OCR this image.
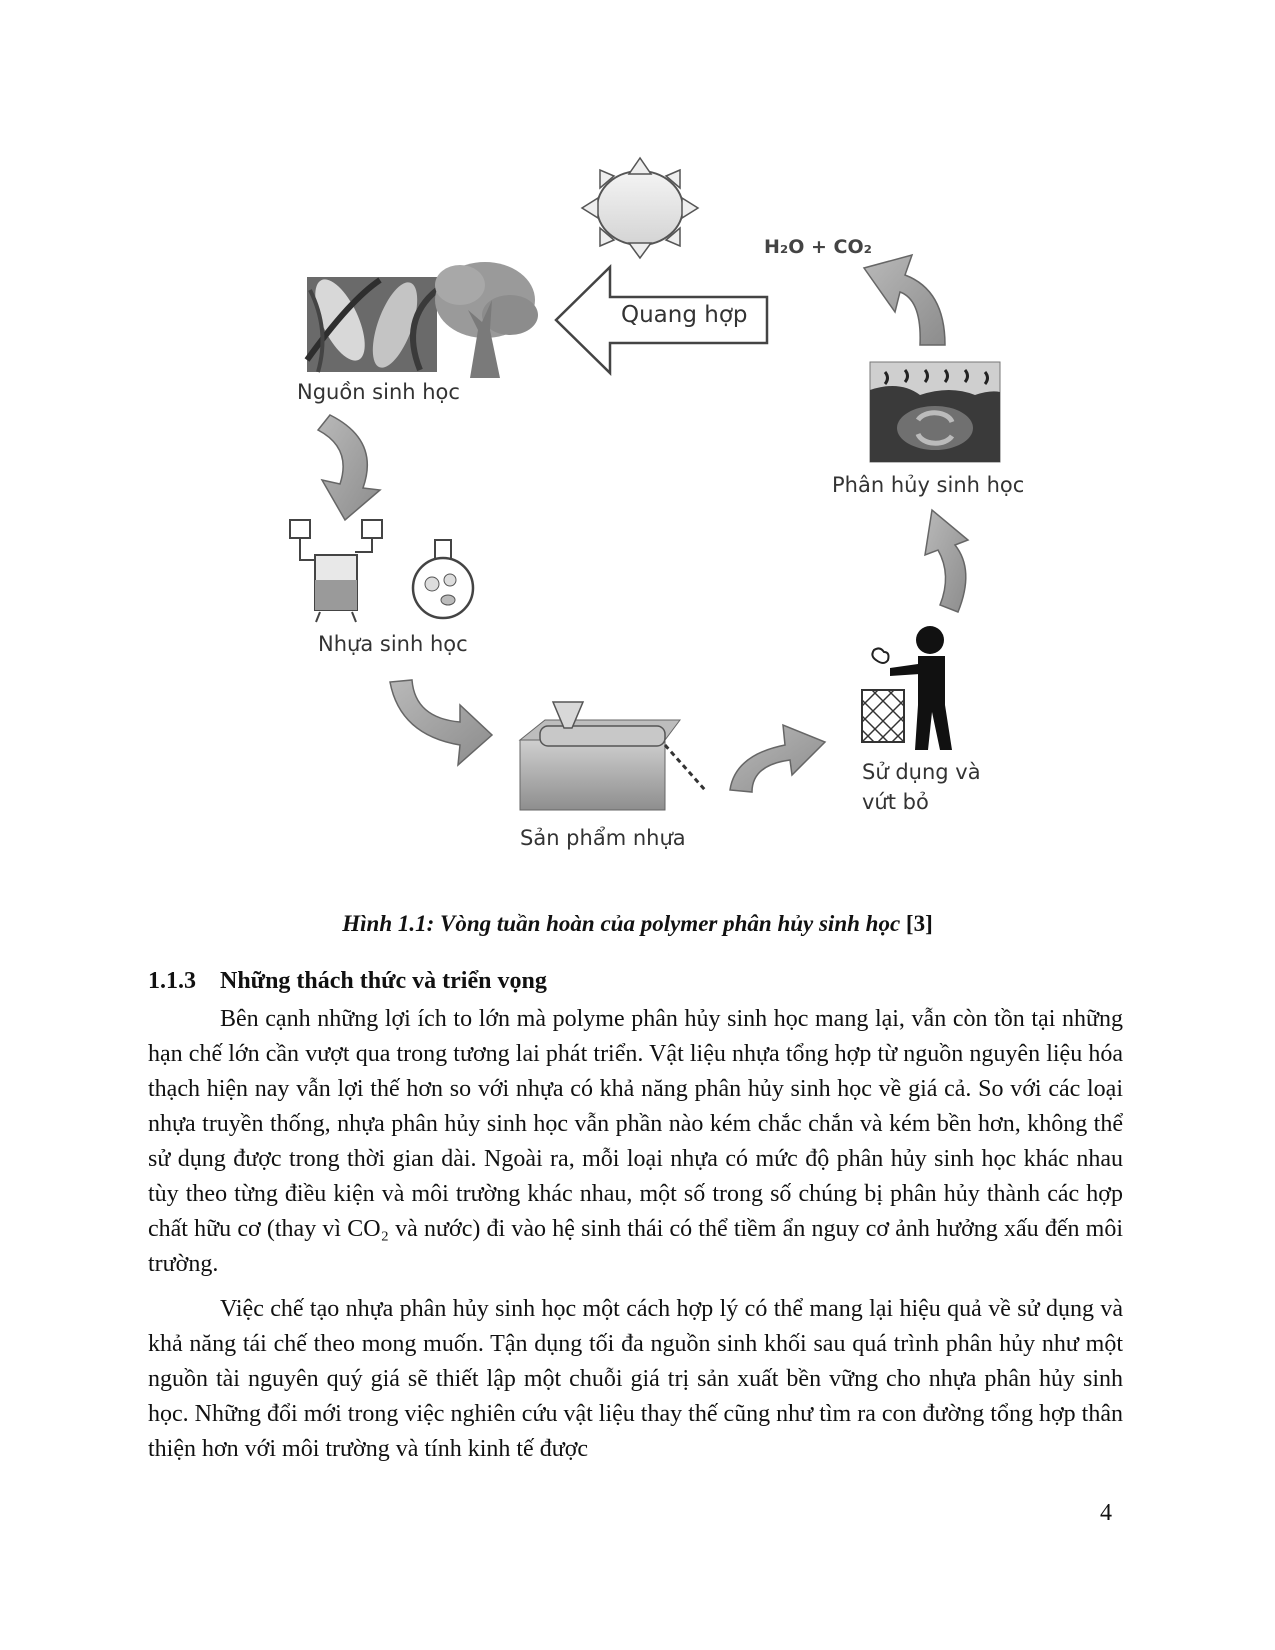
Quang hợp
H₂O + CO₂
Nguồn sinh học
Phân hủy sinh học
Nhựa sinh học
Sử dụng và
vứt bỏ
Sản phẩm nhựa
Hình 1.1: Vòng tuần hoàn của polymer phân hủy sinh học [3]
1.1.3 Những thách thức và triển vọng
Bên cạnh những lợi ích to lớn mà polyme phân hủy sinh học mang lại, vẫn còn tồn tại những hạn chế lớn cần vượt qua trong tương lai phát triển. Vật liệu nhựa tổng hợp từ nguồn nguyên liệu hóa thạch hiện nay vẫn lợi thế hơn so với nhựa có khả năng phân hủy sinh học về giá cả. So với các loại nhựa truyền thống, nhựa phân hủy sinh học vẫn phần nào kém chắc chắn và kém bền hơn, không thể sử dụng được trong thời gian dài. Ngoài ra, mỗi loại nhựa có mức độ phân hủy sinh học khác nhau tùy theo từng điều kiện và môi trường khác nhau, một số trong số chúng bị phân hủy thành các hợp chất hữu cơ (thay vì CO₂ và nước) đi vào hệ sinh thái có thể tiềm ẩn nguy cơ ảnh hưởng xấu đến môi trường.
Việc chế tạo nhựa phân hủy sinh học một cách hợp lý có thể mang lại hiệu quả về sử dụng và khả năng tái chế theo mong muốn. Tận dụng tối đa nguồn sinh khối sau quá trình phân hủy như một nguồn tài nguyên quý giá sẽ thiết lập một chuỗi giá trị sản xuất bền vững cho nhựa phân hủy sinh học. Những đổi mới trong việc nghiên cứu vật liệu thay thế cũng như tìm ra con đường tổng hợp thân thiện hơn với môi trường và tính kinh tế được
4
